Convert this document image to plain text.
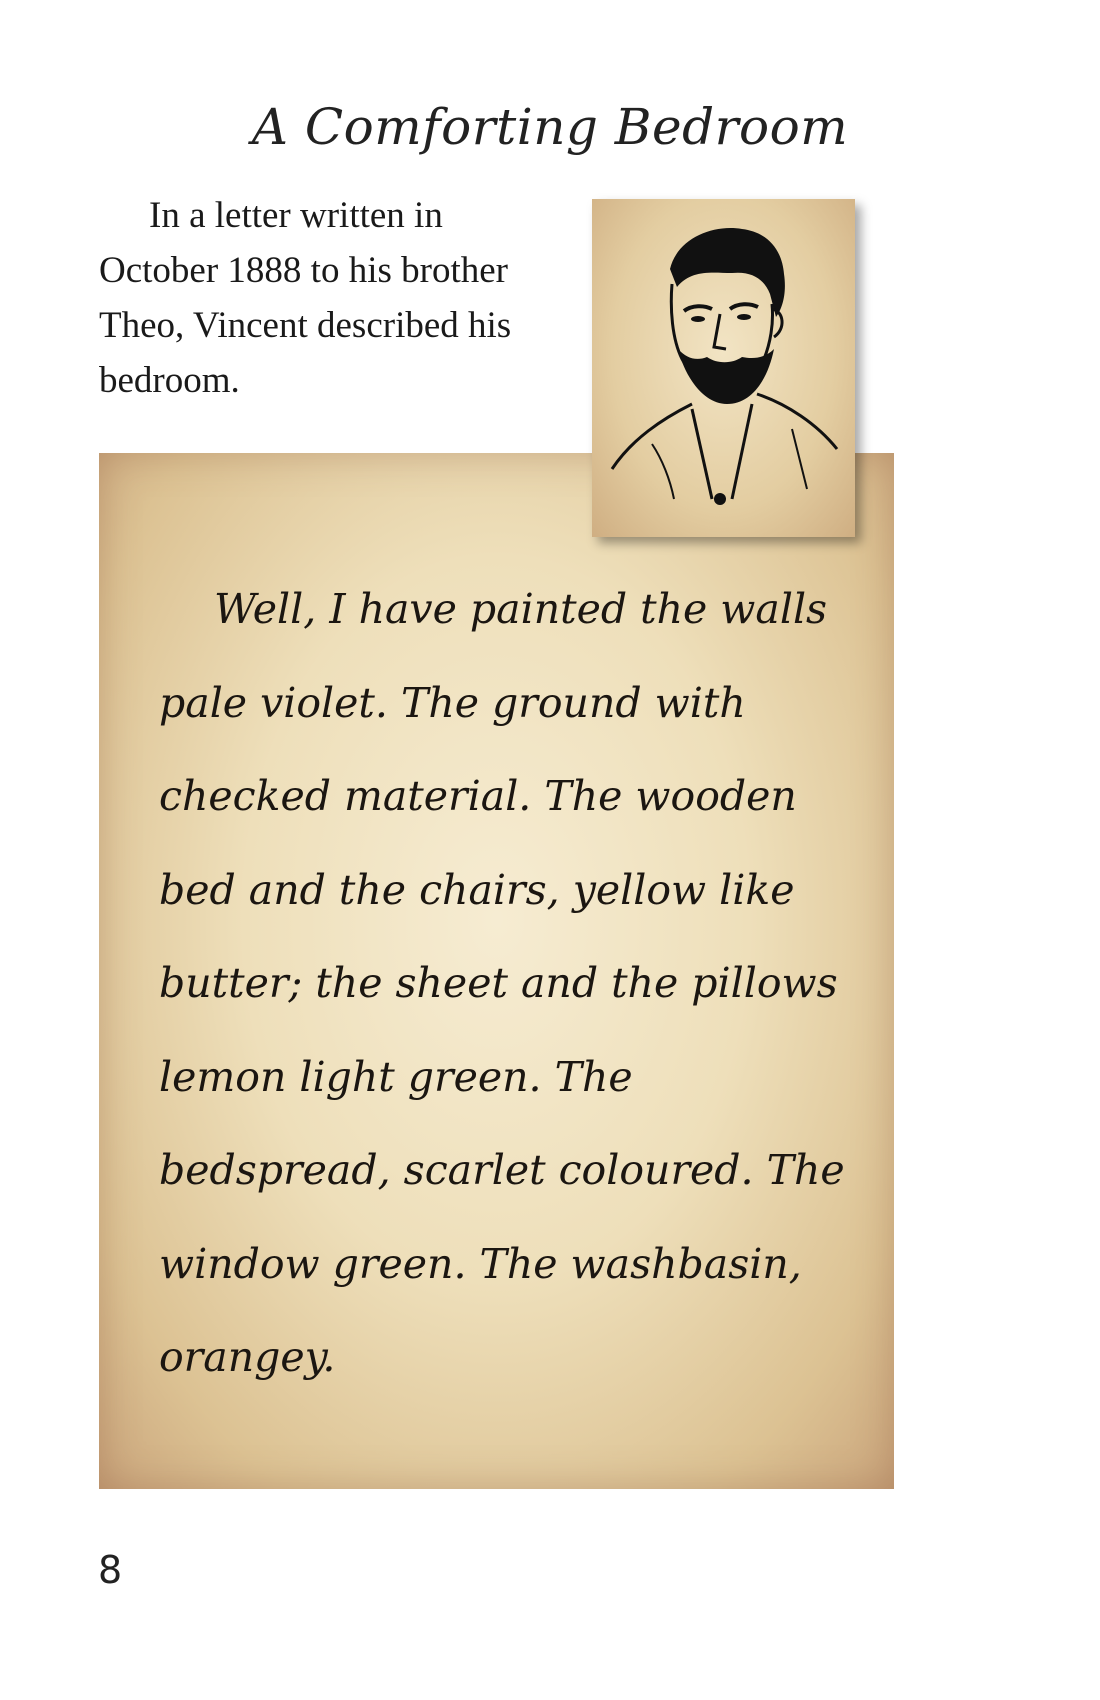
A Comforting Bedroom

In a letter written in October 1888 to his brother Theo, Vincent described his bedroom.

Well, I have painted the walls pale violet. The ground with checked material. The wooden bed and the chairs, yellow like butter; the sheet and the pillows lemon light green. The bedspread, scarlet coloured. The window green. The washbasin, orangey.

8
